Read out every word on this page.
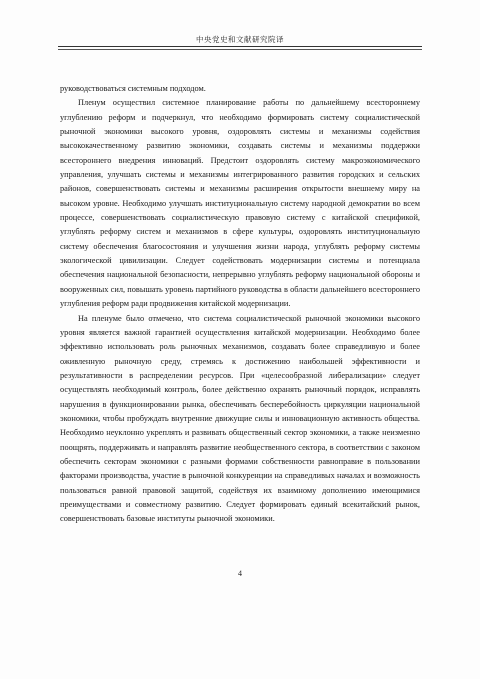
中央党史和文献研究院译

руководствоваться системным подходом.

Пленум осуществил системное планирование работы по дальнейшему всестороннему углублению реформ и подчеркнул, что необходимо формировать систему социалистической рыночной экономики высокого уровня, оздоровлять системы и механизмы содействия высококачественному развитию экономики, создавать системы и механизмы поддержки всестороннего внедрения инноваций. Предстоит оздоровлять систему макроэкономического управления, улучшать системы и механизмы интегрированного развития городских и сельских районов, совершенствовать системы и механизмы расширения открытости внешнему миру на высоком уровне. Необходимо улучшать институциональную систему народной демократии во всем процессе, совершенствовать социалистическую правовую систему с китайской спецификой, углублять реформу систем и механизмов в сфере культуры, оздоровлять институциональную систему обеспечения благосостояния и улучшения жизни народа, углублять реформу системы экологической цивилизации. Следует содействовать модернизации системы и потенциала обеспечения национальной безопасности, непрерывно углублять реформу национальной обороны и вооруженных сил, повышать уровень партийного руководства в области дальнейшего всестороннего углубления реформ ради продвижения китайской модернизации.

На пленуме было отмечено, что система социалистической рыночной экономики высокого уровня является важной гарантией осуществления китайской модернизации. Необходимо более эффективно использовать роль рыночных механизмов, создавать более справедливую и более оживленную рыночную среду, стремясь к достижению наибольшей эффективности и результативности в распределении ресурсов. При «целесообразной либерализации» следует осуществлять необходимый контроль, более действенно охранять рыночный порядок, исправлять нарушения в функционировании рынка, обеспечивать бесперебойность циркуляции национальной экономики, чтобы пробуждать внутренние движущие силы и инновационную активность общества. Необходимо неуклонно укреплять и развивать общественный сектор экономики, а также неизменно поощрять, поддерживать и направлять развитие необщественного сектора, в соответствии с законом обеспечить секторам экономики с разными формами собственности равноправие в пользовании факторами производства, участие в рыночной конкуренции на справедливых началах и возможность пользоваться равной правовой защитой, содействуя их взаимному дополнению имеющимися преимуществами и совместному развитию. Следует формировать единый всекитайский рынок, совершенствовать базовые институты рыночной экономики.

4
